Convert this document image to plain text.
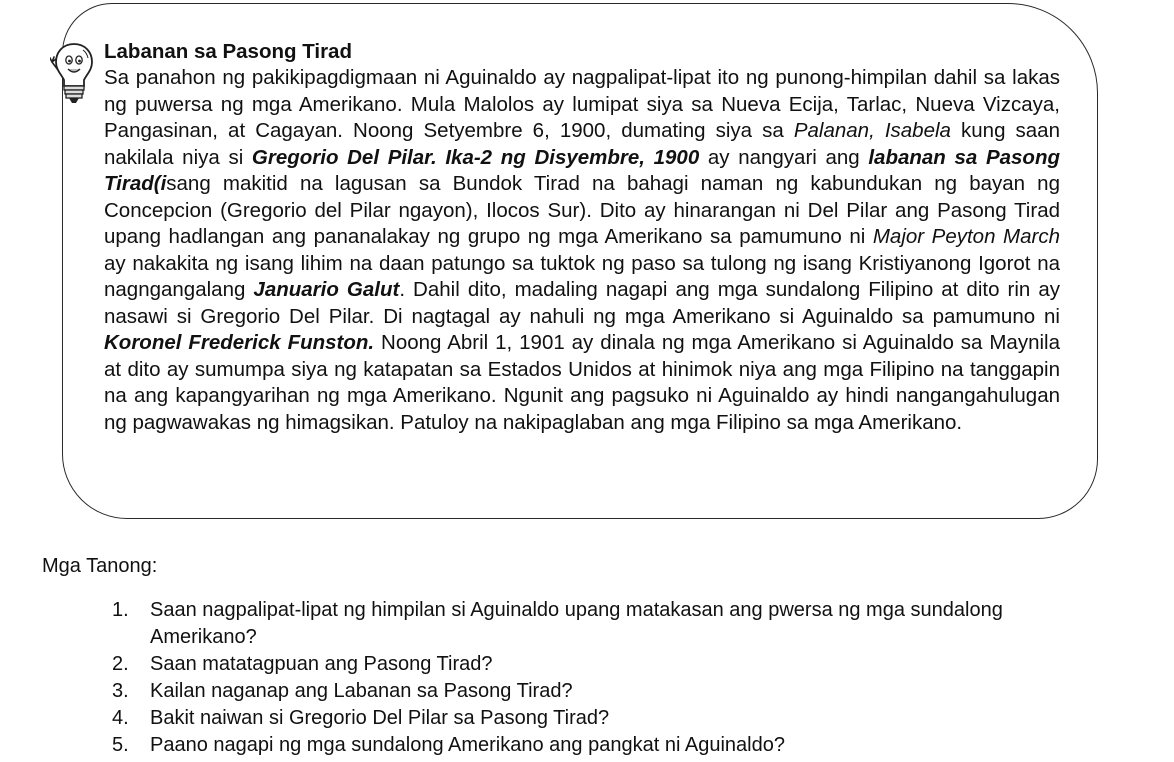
Labanan sa Pasong Tirad

Sa panahon ng pakikipagdigmaan ni Aguinaldo ay nagpalipat-lipat ito ng punong-himpilan dahil sa lakas ng puwersa ng mga Amerikano. Mula Malolos ay lumipat siya sa Nueva Ecija, Tarlac, Nueva Vizcaya, Pangasinan, at Cagayan. Noong Setyembre 6, 1900, dumating siya sa Palanan, Isabela kung saan nakilala niya si Gregorio Del Pilar. Ika-2 ng Disyembre, 1900 ay nangyari ang labanan sa Pasong Tirad(isang makitid na lagusan sa Bundok Tirad na bahagi naman ng kabundukan ng bayan ng Concepcion (Gregorio del Pilar ngayon), Ilocos Sur). Dito ay hinarangan ni Del Pilar ang Pasong Tirad upang hadlangan ang pananalakay ng grupo ng mga Amerikano sa pamumuno ni Major Peyton March ay nakakita ng isang lihim na daan patungo sa tuktok ng paso sa tulong ng isang Kristiyanong Igorot na nagngangalang Januario Galut. Dahil dito, madaling nagapi ang mga sundalong Filipino at dito rin ay nasawi si Gregorio Del Pilar. Di nagtagal ay nahuli ng mga Amerikano si Aguinaldo sa pamumuno ni Koronel Frederick Funston. Noong Abril 1, 1901 ay dinala ng mga Amerikano si Aguinaldo sa Maynila at dito ay sumumpa siya ng katapatan sa Estados Unidos at hinimok niya ang mga Filipino na tanggapin na ang kapangyarihan ng mga Amerikano. Ngunit ang pagsuko ni Aguinaldo ay hindi nangangahulugan ng pagwawakas ng himagsikan. Patuloy na nakipaglaban ang mga Filipino sa mga Amerikano.

Mga Tanong:

1.	Saan nagpalipat-lipat ng himpilan si Aguinaldo upang matakasan ang pwersa ng mga sundalong Amerikano?
2.	Saan matatagpuan ang Pasong Tirad?
3.	Kailan naganap ang Labanan sa Pasong Tirad?
4.	Bakit naiwan si Gregorio Del Pilar sa Pasong Tirad?
5.	Paano nagapi ng mga sundalong Amerikano ang pangkat ni Aguinaldo?
